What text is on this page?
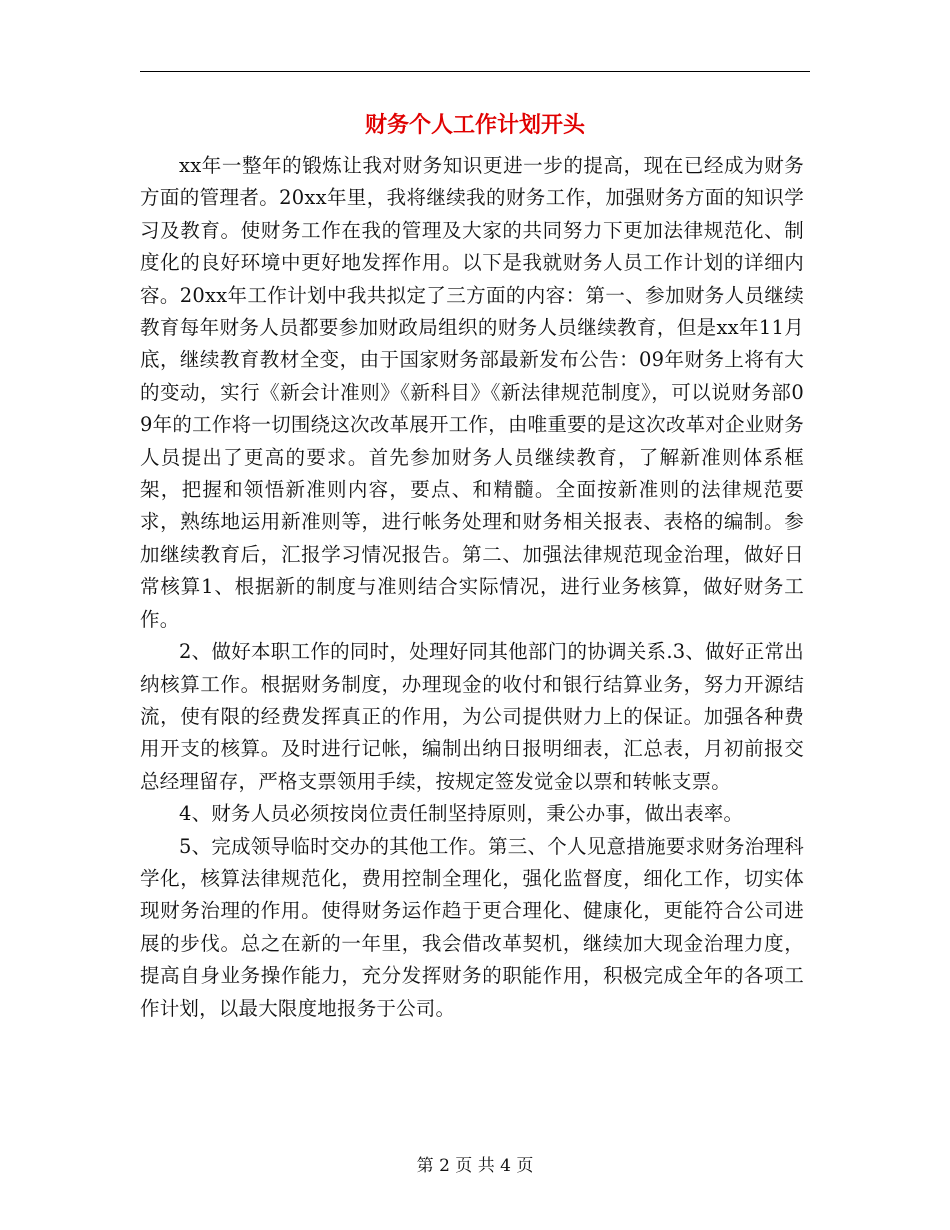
财务个人工作计划开头

xx年一整年的锻炼让我对财务知识更进一步的提高，现在已经成为财务方面的管理者。20xx年里，我将继续我的财务工作，加强财务方面的知识学习及教育。使财务工作在我的管理及大家的共同努力下更加法律规范化、制度化的良好环境中更好地发挥作用。以下是我就财务人员工作计划的详细内容。20xx年工作计划中我共拟定了三方面的内容：第一、参加财务人员继续教育每年财务人员都要参加财政局组织的财务人员继续教育，但是xx年11月底，继续教育教材全变，由于国家财务部最新发布公告：09年财务上将有大的变动，实行《新会计准则》《新科目》《新法律规范制度》，可以说财务部09年的工作将一切围绕这次改革展开工作，由唯重要的是这次改革对企业财务人员提出了更高的要求。首先参加财务人员继续教育，了解新准则体系框架，把握和领悟新准则内容，要点、和精髓。全面按新准则的法律规范要求，熟练地运用新准则等，进行帐务处理和财务相关报表、表格的编制。参加继续教育后，汇报学习情况报告。第二、加强法律规范现金治理，做好日常核算1、根据新的制度与准则结合实际情况，进行业务核算，做好财务工作。

2、做好本职工作的同时，处理好同其他部门的协调关系.3、做好正常出纳核算工作。根据财务制度，办理现金的收付和银行结算业务，努力开源结流，使有限的经费发挥真正的作用，为公司提供财力上的保证。加强各种费用开支的核算。及时进行记帐，编制出纳日报明细表，汇总表，月初前报交总经理留存，严格支票领用手续，按规定签发觉金以票和转帐支票。

4、财务人员必须按岗位责任制坚持原则，秉公办事，做出表率。

5、完成领导临时交办的其他工作。第三、个人见意措施要求财务治理科学化，核算法律规范化，费用控制全理化，强化监督度，细化工作，切实体现财务治理的作用。使得财务运作趋于更合理化、健康化，更能符合公司进展的步伐。总之在新的一年里，我会借改革契机，继续加大现金治理力度，提高自身业务操作能力，充分发挥财务的职能作用，积极完成全年的各项工作计划，以最大限度地报务于公司。

第 2 页 共 4 页
